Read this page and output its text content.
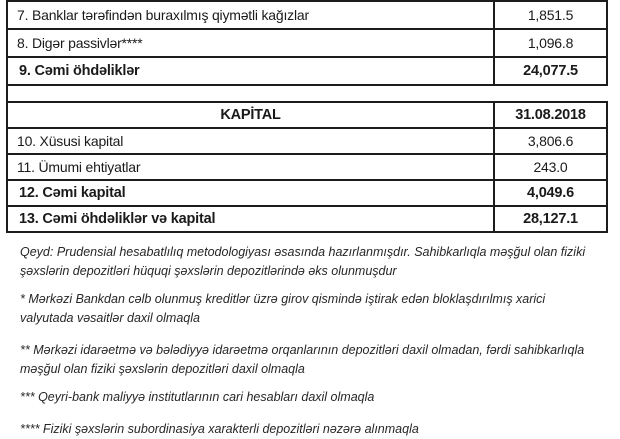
7. Banklar tərəfindən buraxılmış qiymətli kağızlar	1,851.5
8. Digər passivlər****	1,096.8
9. Cəmi öhdəliklər	24,077.5
KAPİTAL	31.08.2018
10. Xüsusi kapital	3,806.6
11. Ümumi ehtiyatlar	243.0
12. Cəmi kapital	4,049.6
13. Cəmi öhdəliklər və kapital	28,127.1

Qeyd: Prudensial hesabatlılıq metodologiyası əsasında hazırlanmışdır. Sahibkarlıqla məşğul olan fiziki şəxslərin depozitləri hüquqi şəxslərin depozitlərində əks olunmuşdur

* Mərkəzi Bankdan cəlb olunmuş kreditlər üzrə girov qismində iştirak edən bloklaşdırılmış xarici valyutada vəsaitlər daxil olmaqla

** Mərkəzi idarəetmə və bələdiyyə idarəetmə orqanlarının depozitləri daxil olmadan, fərdi sahibkarlıqla məşğul olan fiziki şəxslərin depozitləri daxil olmaqla

*** Qeyri-bank maliyyə institutlarının cari hesabları daxil olmaqla

**** Fiziki şəxslərin subordinasiya xarakterli depozitləri nəzərə alınmaqla
